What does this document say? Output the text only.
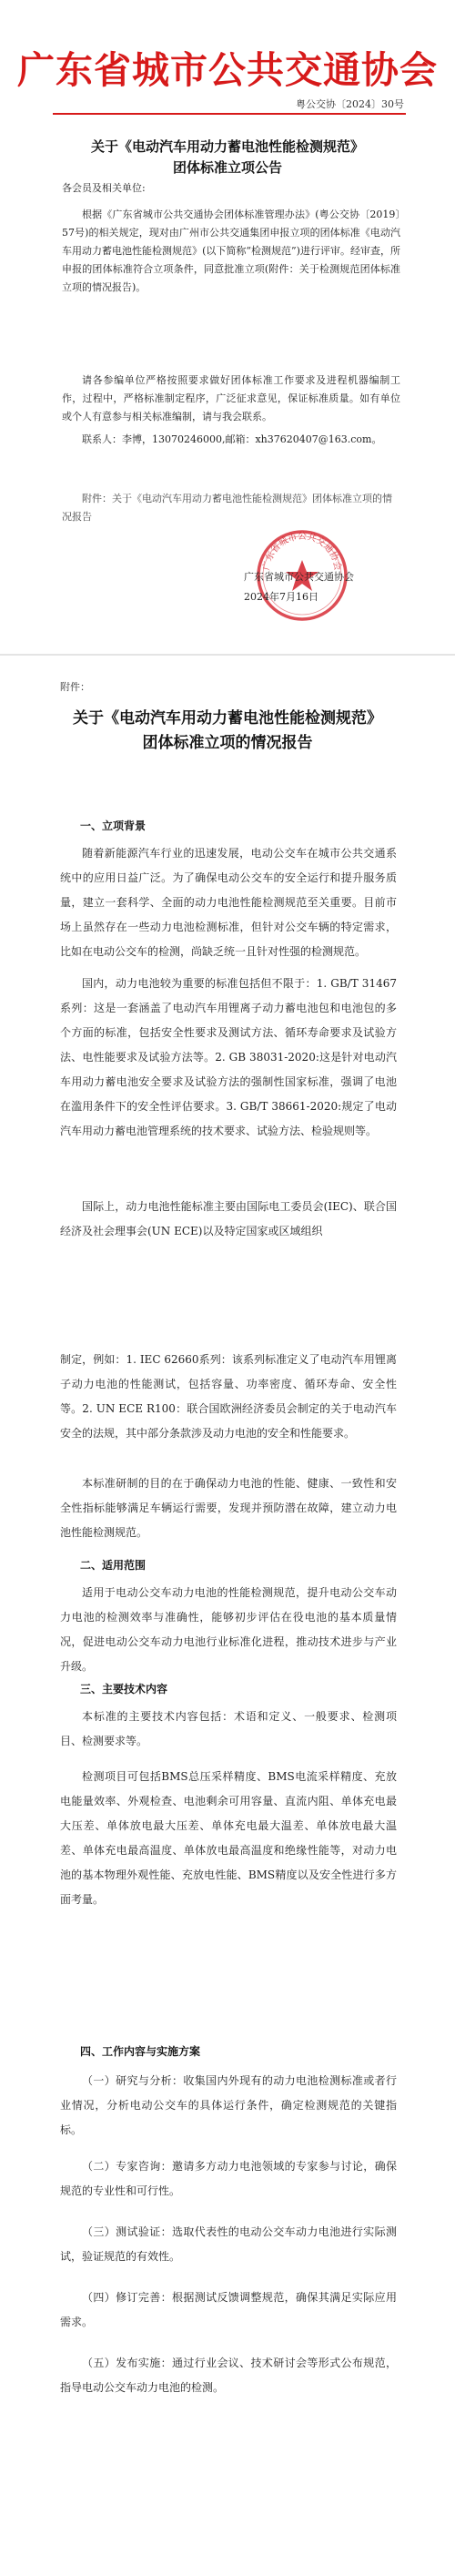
广东省城市公共交通协会
粤公交协〔2024〕30号
关于《电动汽车用动力蓄电池性能检测规范》
团体标准立项公告
各会员及相关单位:

根据《广东省城市公共交通协会团体标准管理办法》(粤公交协〔2019〕57号)的相关规定，现对由广州市公共交通集团申报立项的团体标准《电动汽车用动力蓄电池性能检测规范》(以下简称“检测规范”)进行评审。经审查，所申报的团体标准符合立项条件，同意批准立项(附件：关于检测规范团体标准立项的情况报告)。

请各参编单位严格按照要求做好团体标准工作要求及进程机器编制工作，过程中，严格标准制定程序，广泛征求意见，保证标准质量。如有单位或个人有意参与相关标准编制，请与我会联系。

联系人：李博，13070246000,邮箱：xh37620407@163.com。

附件：关于《电动汽车用动力蓄电池性能检测规范》团体标准立项的情况报告

广东省城市公共交通协会
广东省城市公共交通协会
2024年7月16日
附件：
关于《电动汽车用动力蓄电池性能检测规范》
团体标准立项的情况报告
一、立项背景

随着新能源汽车行业的迅速发展，电动公交车在城市公共交通系统中的应用日益广泛。为了确保电动公交车的安全运行和提升服务质量，建立一套科学、全面的动力电池性能检测规范至关重要。目前市场上虽然存在一些动力电池检测标准，但针对公交车辆的特定需求，比如在电动公交车的检测，尚缺乏统一且针对性强的检测规范。

国内，动力电池较为重要的标准包括但不限于：1. GB/T 31467 系列：这是一套涵盖了电动汽车用锂离子动力蓄电池包和电池包的多个方面的标准，包括安全性要求及测试方法、循环寿命要求及试验方法、电性能要求及试验方法等。2. GB 38031-2020:这是针对电动汽车用动力蓄电池安全要求及试验方法的强制性国家标准，强调了电池在滥用条件下的安全性评估要求。3. GB/T 38661-2020:规定了电动汽车用动力蓄电池管理系统的技术要求、试验方法、检验规则等。

国际上，动力电池性能标准主要由国际电工委员会(IEC)、联合国经济及社会理事会(UN ECE)以及特定国家或区域组织

制定，例如：1. IEC 62660系列：该系列标准定义了电动汽车用锂离子动力电池的性能测试，包括容量、功率密度、循环寿命、安全性等。2. UN ECE R100：联合国欧洲经济委员会制定的关于电动汽车安全的法规，其中部分条款涉及动力电池的安全和性能要求。

本标准研制的目的在于确保动力电池的性能、健康、一致性和安全性指标能够满足车辆运行需要，发现并预防潜在故障，建立动力电池性能检测规范。

二、适用范围

适用于电动公交车动力电池的性能检测规范，提升电动公交车动力电池的检测效率与准确性，能够初步评估在役电池的基本质量情况，促进电动公交车动力电池行业标准化进程，推动技术进步与产业升级。

三、主要技术内容

本标准的主要技术内容包括：术语和定义、一般要求、检测项目、检测要求等。

检测项目可包括BMS总压采样精度、BMS电流采样精度、充放电能量效率、外观检查、电池剩余可用容量、直流内阻、单体充电最大压差、单体放电最大压差、单体充电最大温差、单体放电最大温差、单体充电最高温度、单体放电最高温度和绝缘性能等，对动力电池的基本物理外观性能、充放电性能、BMS精度以及安全性进行多方面考量。

四、工作内容与实施方案

（一）研究与分析：收集国内外现有的动力电池检测标准或者行业情况，分析电动公交车的具体运行条件，确定检测规范的关键指标。

（二）专家咨询：邀请多方动力电池领域的专家参与讨论，确保规范的专业性和可行性。

（三）测试验证：选取代表性的电动公交车动力电池进行实际测试，验证规范的有效性。

（四）修订完善：根据测试反馈调整规范，确保其满足实际应用需求。

（五）发布实施：通过行业会议、技术研讨会等形式公布规范，指导电动公交车动力电池的检测。
